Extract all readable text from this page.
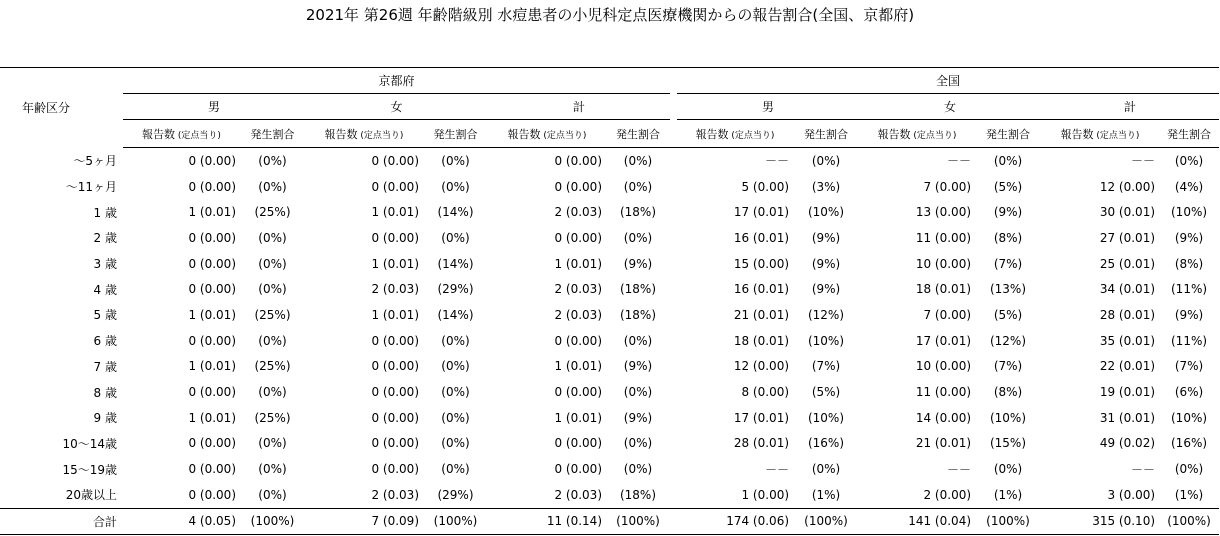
2021年 第26週 年齢階級別 水痘患者の小児科定点医療機関からの報告割合(全国、京都府)
年齢区分	京都府							全国					
	男		女		計			男		女		計	
	報告数 (定点当り)	発生割合	報告数 (定点当り)	発生割合	報告数 (定点当り)	発生割合		報告数 (定点当り)	発生割合	報告数 (定点当り)	発生割合	報告数 (定点当り)	発生割合
～5ヶ月	0 (0.00)	(0%)	0 (0.00)	(0%)	0 (0.00)	(0%)		－－	(0%)	－－	(0%)	－－	(0%)
～11ヶ月	0 (0.00)	(0%)	0 (0.00)	(0%)	0 (0.00)	(0%)		5 (0.00)	(3%)	7 (0.00)	(5%)	12 (0.00)	(4%)
1 歳	1 (0.01)	(25%)	1 (0.01)	(14%)	2 (0.03)	(18%)		17 (0.01)	(10%)	13 (0.00)	(9%)	30 (0.01)	(10%)
2 歳	0 (0.00)	(0%)	0 (0.00)	(0%)	0 (0.00)	(0%)		16 (0.01)	(9%)	11 (0.00)	(8%)	27 (0.01)	(9%)
3 歳	0 (0.00)	(0%)	1 (0.01)	(14%)	1 (0.01)	(9%)		15 (0.00)	(9%)	10 (0.00)	(7%)	25 (0.01)	(8%)
4 歳	0 (0.00)	(0%)	2 (0.03)	(29%)	2 (0.03)	(18%)		16 (0.01)	(9%)	18 (0.01)	(13%)	34 (0.01)	(11%)
5 歳	1 (0.01)	(25%)	1 (0.01)	(14%)	2 (0.03)	(18%)		21 (0.01)	(12%)	7 (0.00)	(5%)	28 (0.01)	(9%)
6 歳	0 (0.00)	(0%)	0 (0.00)	(0%)	0 (0.00)	(0%)		18 (0.01)	(10%)	17 (0.01)	(12%)	35 (0.01)	(11%)
7 歳	1 (0.01)	(25%)	0 (0.00)	(0%)	1 (0.01)	(9%)		12 (0.00)	(7%)	10 (0.00)	(7%)	22 (0.01)	(7%)
8 歳	0 (0.00)	(0%)	0 (0.00)	(0%)	0 (0.00)	(0%)		8 (0.00)	(5%)	11 (0.00)	(8%)	19 (0.01)	(6%)
9 歳	1 (0.01)	(25%)	0 (0.00)	(0%)	1 (0.01)	(9%)		17 (0.01)	(10%)	14 (0.00)	(10%)	31 (0.01)	(10%)
10～14歳	0 (0.00)	(0%)	0 (0.00)	(0%)	0 (0.00)	(0%)		28 (0.01)	(16%)	21 (0.01)	(15%)	49 (0.02)	(16%)
15～19歳	0 (0.00)	(0%)	0 (0.00)	(0%)	0 (0.00)	(0%)		－－	(0%)	－－	(0%)	－－	(0%)
20歳以上	0 (0.00)	(0%)	2 (0.03)	(29%)	2 (0.03)	(18%)		1 (0.00)	(1%)	2 (0.00)	(1%)	3 (0.00)	(1%)
合計	4 (0.05)	(100%)	7 (0.09)	(100%)	11 (0.14)	(100%)		174 (0.06)	(100%)	141 (0.04)	(100%)	315 (0.10)	(100%)
